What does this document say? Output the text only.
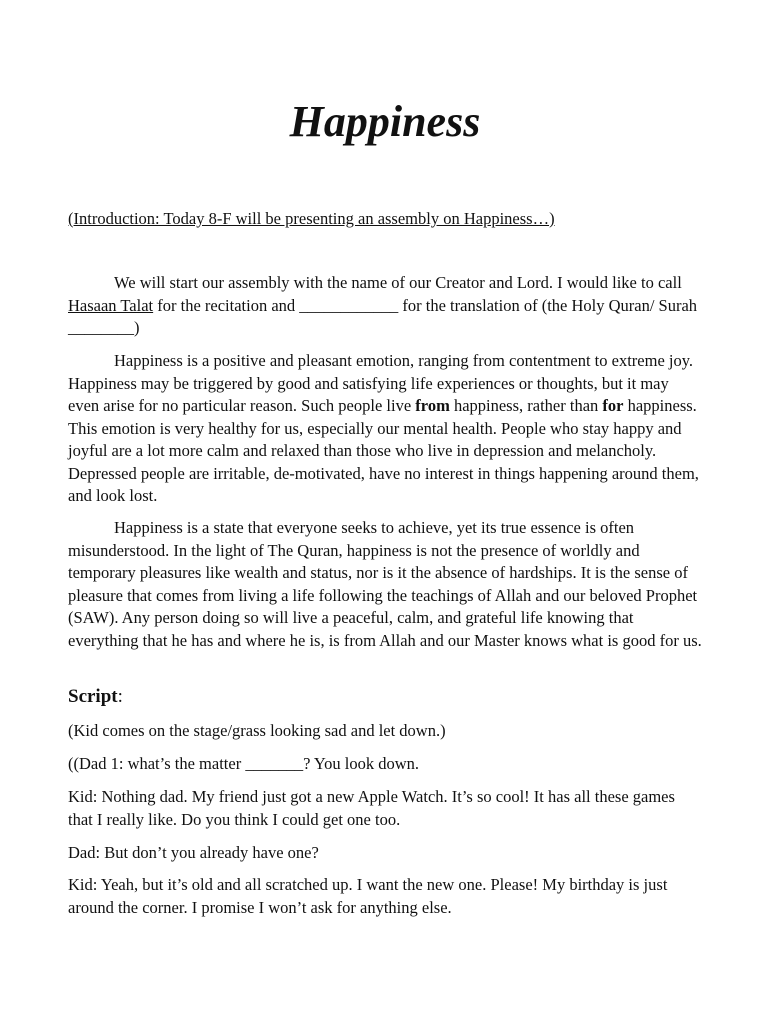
Happiness
(Introduction: Today 8-F will be presenting an assembly on Happiness…)

We will start our assembly with the name of our Creator and Lord. I would like to call Hasaan Talat for the recitation and ____________ for the translation of (the Holy Quran/ Surah ________)

Happiness is a positive and pleasant emotion, ranging from contentment to extreme joy. Happiness may be triggered by good and satisfying life experiences or thoughts, but it may even arise for no particular reason. Such people live from happiness, rather than for happiness. This emotion is very healthy for us, especially our mental health. People who stay happy and joyful are a lot more calm and relaxed than those who live in depression and melancholy. Depressed people are irritable, de-motivated, have no interest in things happening around them, and look lost.

Happiness is a state that everyone seeks to achieve, yet its true essence is often misunderstood. In the light of The Quran, happiness is not the presence of worldly and temporary pleasures like wealth and status, nor is it the absence of hardships. It is the sense of pleasure that comes from living a life following the teachings of Allah and our beloved Prophet (SAW). Any person doing so will live a peaceful, calm, and grateful life knowing that everything that he has and where he is, is from Allah and our Master knows what is good for us.

Script:

(Kid comes on the stage/grass looking sad and let down.)

((Dad 1: what’s the matter _______? You look down.

Kid: Nothing dad. My friend just got a new Apple Watch. It’s so cool! It has all these games that I really like. Do you think I could get one too.

Dad: But don’t you already have one?

Kid: Yeah, but it’s old and all scratched up. I want the new one. Please! My birthday is just around the corner. I promise I won’t ask for anything else.
